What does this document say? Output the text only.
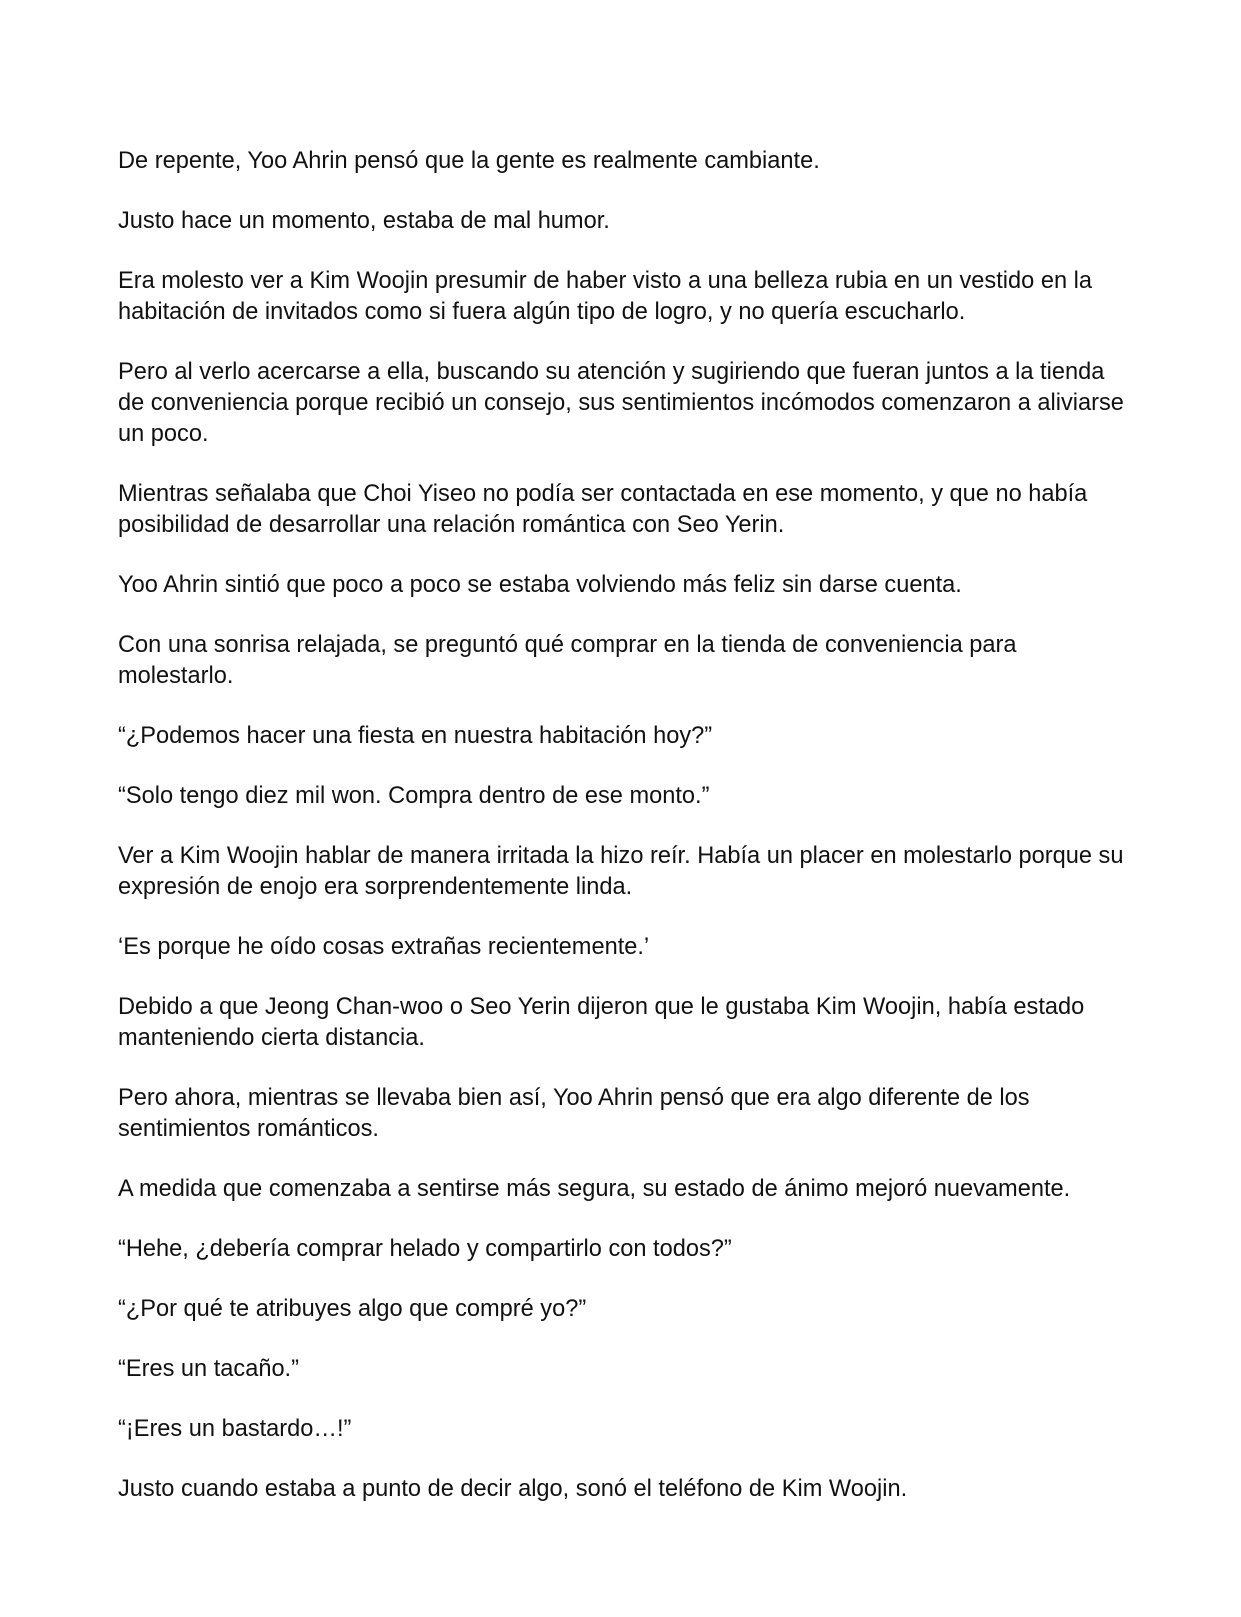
De repente, Yoo Ahrin pensó que la gente es realmente cambiante.

Justo hace un momento, estaba de mal humor.

Era molesto ver a Kim Woojin presumir de haber visto a una belleza rubia en un vestido en la habitación de invitados como si fuera algún tipo de logro, y no quería escucharlo.

Pero al verlo acercarse a ella, buscando su atención y sugiriendo que fueran juntos a la tienda de conveniencia porque recibió un consejo, sus sentimientos incómodos comenzaron a aliviarse un poco.

Mientras señalaba que Choi Yiseo no podía ser contactada en ese momento, y que no había posibilidad de desarrollar una relación romántica con Seo Yerin.

Yoo Ahrin sintió que poco a poco se estaba volviendo más feliz sin darse cuenta.

Con una sonrisa relajada, se preguntó qué comprar en la tienda de conveniencia para molestarlo.

“¿Podemos hacer una fiesta en nuestra habitación hoy?”

“Solo tengo diez mil won. Compra dentro de ese monto.”

Ver a Kim Woojin hablar de manera irritada la hizo reír. Había un placer en molestarlo porque su expresión de enojo era sorprendentemente linda.

‘Es porque he oído cosas extrañas recientemente.’

Debido a que Jeong Chan-woo o Seo Yerin dijeron que le gustaba Kim Woojin, había estado manteniendo cierta distancia.

Pero ahora, mientras se llevaba bien así, Yoo Ahrin pensó que era algo diferente de los sentimientos románticos.

A medida que comenzaba a sentirse más segura, su estado de ánimo mejoró nuevamente.

“Hehe, ¿debería comprar helado y compartirlo con todos?”

“¿Por qué te atribuyes algo que compré yo?”

“Eres un tacaño.”

“¡Eres un bastardo…!”

Justo cuando estaba a punto de decir algo, sonó el teléfono de Kim Woojin.
